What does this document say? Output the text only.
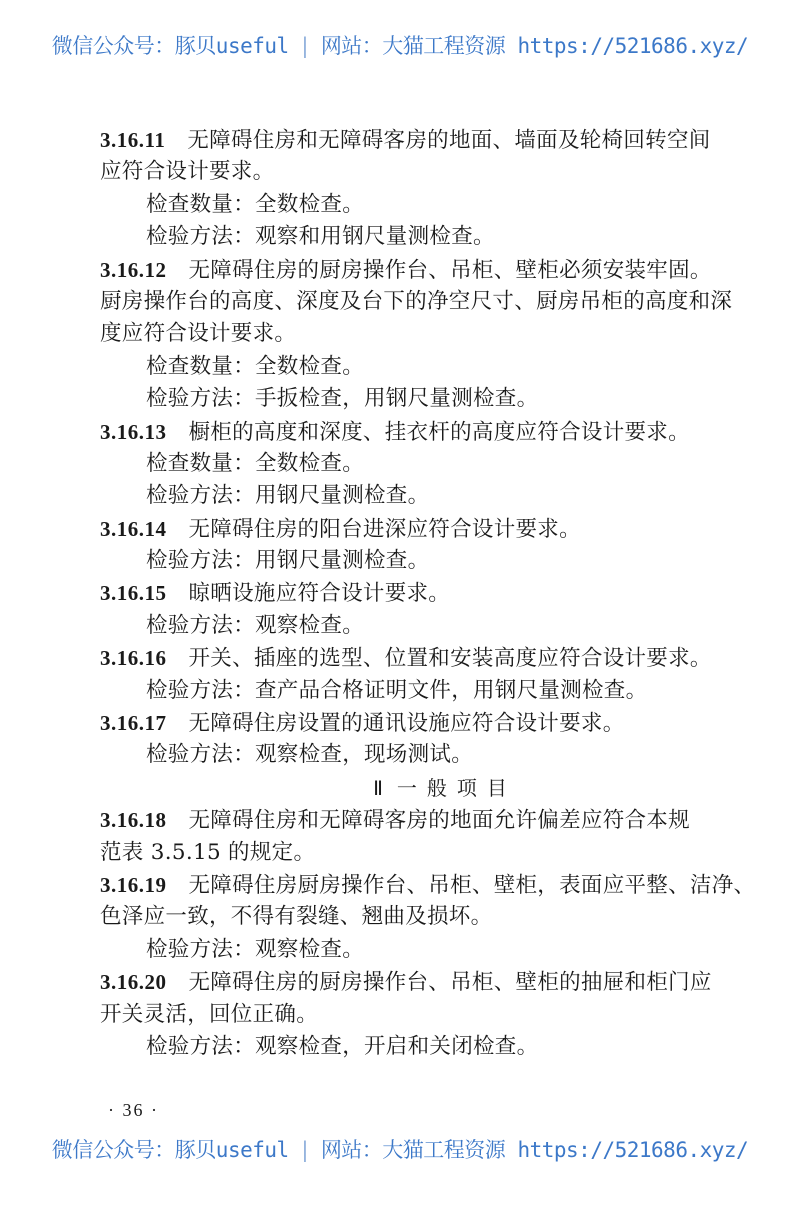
微信公众号：豚贝useful | 网站：大猫工程资源 https://521686.xyz/
3.16.11 无障碍住房和无障碍客房的地面、墙面及轮椅回转空间
应符合设计要求。
检查数量：全数检查。
检验方法：观察和用钢尺量测检查。
3.16.12 无障碍住房的厨房操作台、吊柜、壁柜必须安装牢固。
厨房操作台的高度、深度及台下的净空尺寸、厨房吊柜的高度和深
度应符合设计要求。
检查数量：全数检查。
检验方法：手扳检查，用钢尺量测检查。
3.16.13 橱柜的高度和深度、挂衣杆的高度应符合设计要求。
检查数量：全数检查。
检验方法：用钢尺量测检查。
3.16.14 无障碍住房的阳台进深应符合设计要求。
检验方法：用钢尺量测检查。
3.16.15 晾晒设施应符合设计要求。
检验方法：观察检查。
3.16.16 开关、插座的选型、位置和安装高度应符合设计要求。
检验方法：查产品合格证明文件，用钢尺量测检查。
3.16.17 无障碍住房设置的通讯设施应符合设计要求。
检验方法：观察检查，现场测试。
Ⅱ 一般项目
3.16.18 无障碍住房和无障碍客房的地面允许偏差应符合本规
范表 3.5.15 的规定。
3.16.19 无障碍住房厨房操作台、吊柜、壁柜，表面应平整、洁净、
色泽应一致，不得有裂缝、翘曲及损坏。
检验方法：观察检查。
3.16.20 无障碍住房的厨房操作台、吊柜、壁柜的抽屉和柜门应
开关灵活，回位正确。
检验方法：观察检查，开启和关闭检查。
· 36 ·
微信公众号：豚贝useful | 网站：大猫工程资源 https://521686.xyz/
